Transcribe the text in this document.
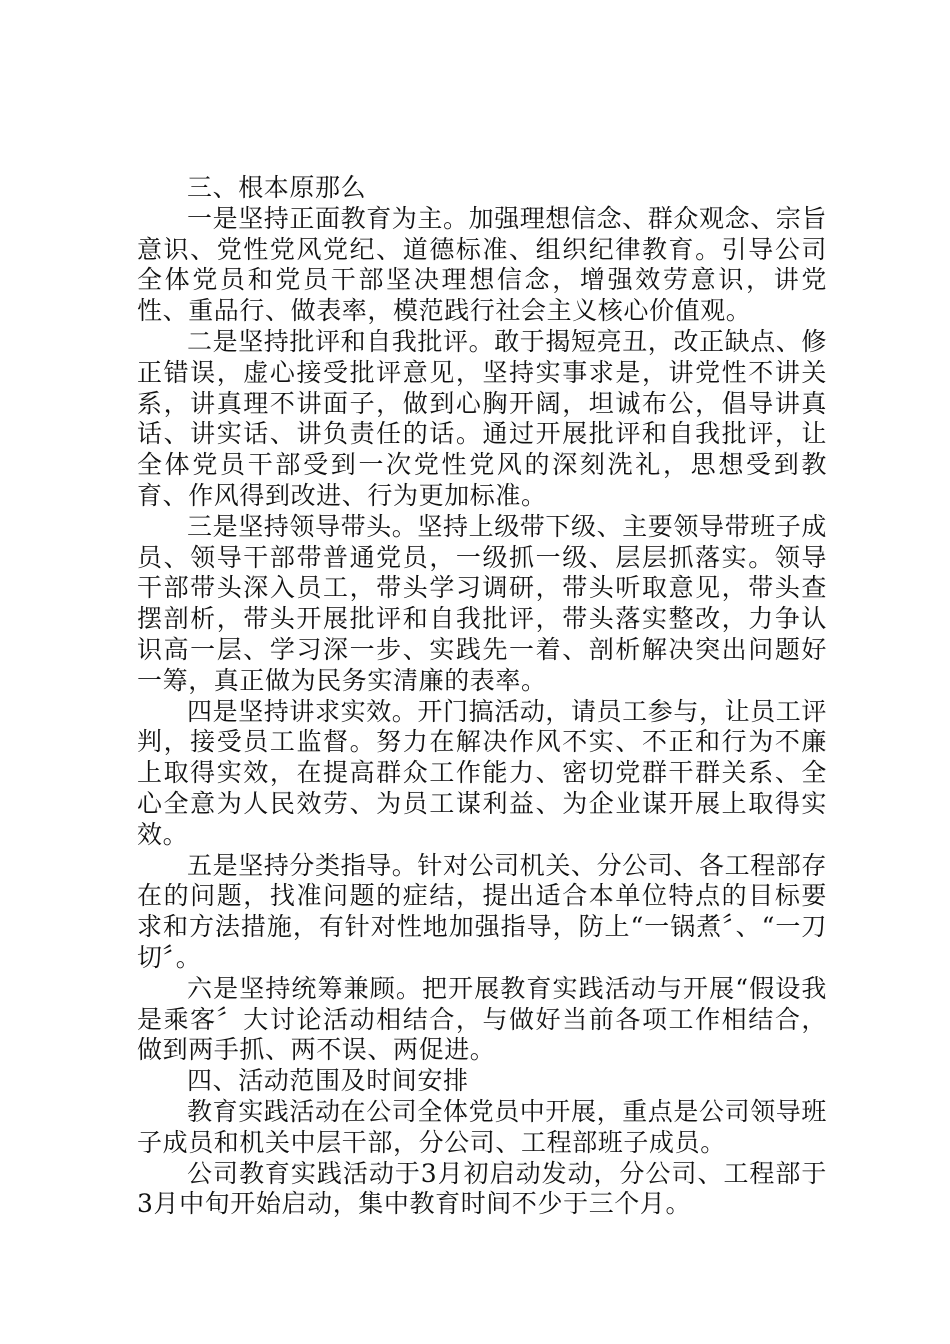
三、根本原那么

一是坚持正面教育为主。加强理想信念、群众观念、宗旨意识、党性党风党纪、道德标准、组织纪律教育。引导公司全体党员和党员干部坚决理想信念，增强效劳意识，讲党性、重品行、做表率，模范践行社会主义核心价值观。

二是坚持批评和自我批评。敢于揭短亮丑，改正缺点、修正错误，虚心接受批评意见，坚持实事求是，讲党性不讲关系，讲真理不讲面子，做到心胸开阔，坦诚布公，倡导讲真话、讲实话、讲负责任的话。通过开展批评和自我批评，让全体党员干部受到一次党性党风的深刻洗礼，思想受到教育、作风得到改进、行为更加标准。

三是坚持领导带头。坚持上级带下级、主要领导带班子成员、领导干部带普通党员，一级抓一级、层层抓落实。领导干部带头深入员工，带头学习调研，带头听取意见，带头查摆剖析，带头开展批评和自我批评，带头落实整改，力争认识高一层、学习深一步、实践先一着、剖析解决突出问题好一筹，真正做为民务实清廉的表率。

四是坚持讲求实效。开门搞活动，请员工参与，让员工评判，接受员工监督。努力在解决作风不实、不正和行为不廉上取得实效，在提高群众工作能力、密切党群干群关系、全心全意为人民效劳、为员工谋利益、为企业谋开展上取得实效。

五是坚持分类指导。针对公司机关、分公司、各工程部存在的问题，找准问题的症结，提出适合本单位特点的目标要求和方法措施，有针对性地加强指导，防上“一锅煮〞、“一刀切〞。

六是坚持统筹兼顾。把开展教育实践活动与开展“假设我是乘客〞大讨论活动相结合，与做好当前各项工作相结合，做到两手抓、两不误、两促进。

四、活动范围及时间安排

教育实践活动在公司全体党员中开展，重点是公司领导班子成员和机关中层干部，分公司、工程部班子成员。

公司教育实践活动于3月初启动发动，分公司、工程部于3月中旬开始启动，集中教育时间不少于三个月。
